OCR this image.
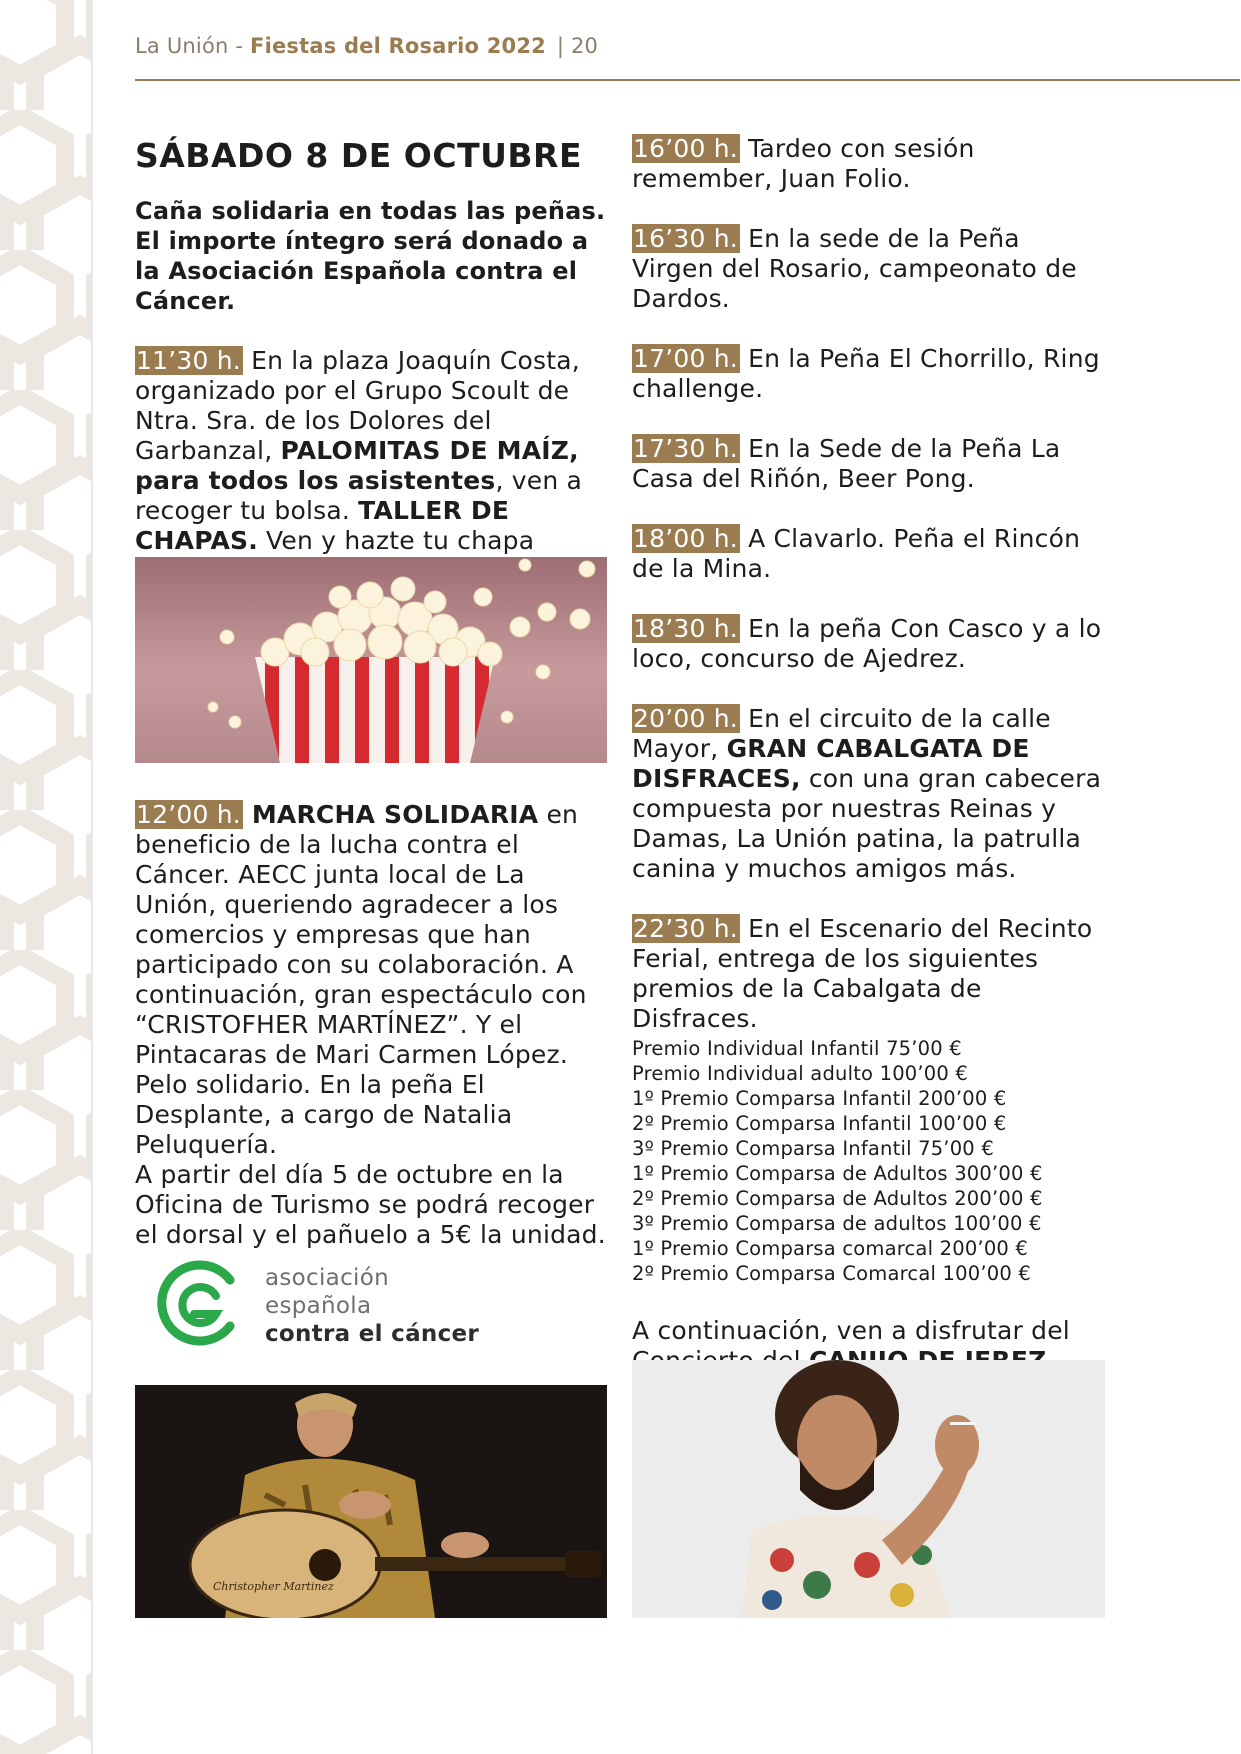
La Unión - Fiestas del Rosario 2022 | 20

SÁBADO 8 DE OCTUBRE

Caña solidaria en todas las peñas. El importe íntegro será donado a la Asociación Española contra el Cáncer.

11’30 h. En la plaza Joaquín Costa, organizado por el Grupo Scoult de Ntra. Sra. de los Dolores del Garbanzal, PALOMITAS DE MAÍZ, para todos los asistentes, ven a recoger tu bolsa. TALLER DE CHAPAS. Ven y hazte tu chapa

12’00 h. MARCHA SOLIDARIA en beneficio de la lucha contra el Cáncer. AECC junta local de La Unión, queriendo agradecer a los comercios y empresas que han participado con su colaboración. A continuación, gran espectáculo con “CRISTOFHER MARTÍNEZ”. Y el Pintacaras de Mari Carmen López. Pelo solidario. En la peña El Desplante, a cargo de Natalia Peluquería.

A partir del día 5 de octubre en la Oficina de Turismo se podrá recoger el dorsal y el pañuelo a 5€ la unidad.

asociación
española
contra el cáncer
Christopher Martinez

16’00 h. Tardeo con sesión remember, Juan Folio.

16’30 h. En la sede de la Peña Virgen del Rosario, campeonato de Dardos.

17’00 h. En la Peña El Chorrillo, Ring challenge.

17’30 h. En la Sede de la Peña La Casa del Riñón, Beer Pong.

18’00 h. A Clavarlo. Peña el Rincón de la Mina.

18’30 h. En la peña Con Casco y a lo loco, concurso de Ajedrez.

20’00 h. En el circuito de la calle Mayor, GRAN CABALGATA DE DISFRACES, con una gran cabecera compuesta por nuestras Reinas y Damas, La Unión patina, la patrulla canina y muchos amigos más.

22’30 h. En el Escenario del Recinto Ferial, entrega de los siguientes premios de la Cabalgata de Disfraces.

Premio Individual Infantil 75’00 €

Premio Individual adulto 100’00 €

1º Premio Comparsa Infantil 200’00 €

2º Premio Comparsa Infantil 100’00 €

3º Premio Comparsa Infantil 75’00 €

1º Premio Comparsa de Adultos 300’00 €

2º Premio Comparsa de Adultos 200’00 €

3º Premio Comparsa de adultos 100’00 €

1º Premio Comparsa comarcal 200’00 €

2º Premio Comparsa Comarcal 100’00 €

A continuación, ven a disfrutar del
